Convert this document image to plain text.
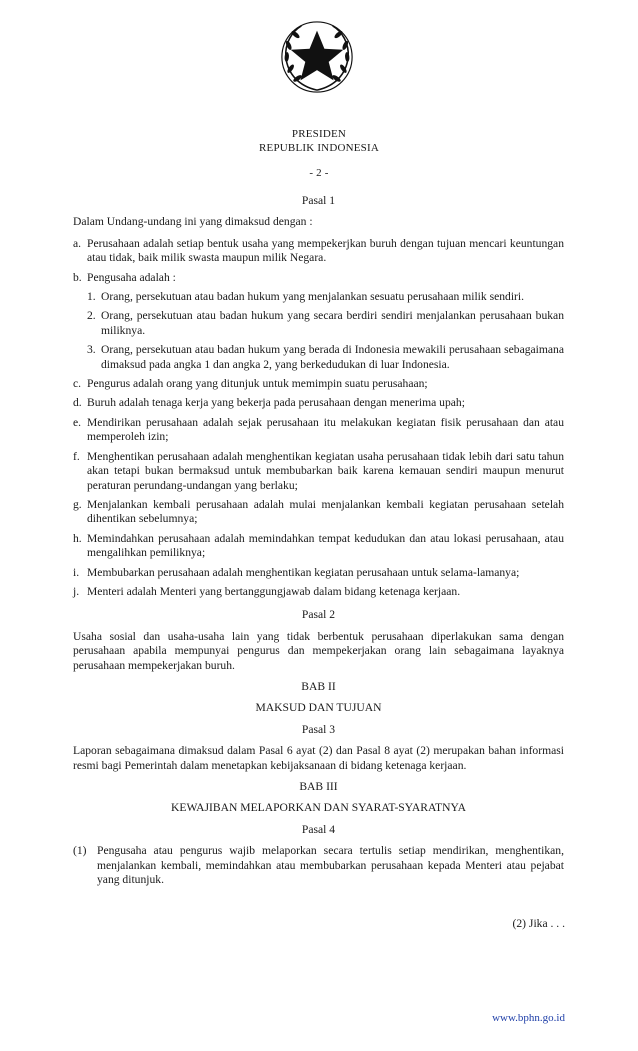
PRESIDEN
REPUBLIK INDONESIA
- 2 -

Pasal 1

Dalam Undang-undang ini yang dimaksud dengan :

a. Perusahaan adalah setiap bentuk usaha yang mempekerjkan buruh dengan tujuan mencari keuntungan atau tidak, baik milik swasta maupun milik Negara.
b. Pengusaha adalah :
1. Orang, persekutuan atau badan hukum yang menjalankan sesuatu perusahaan milik sendiri.
2. Orang, persekutuan atau badan hukum yang secara berdiri sendiri menjalankan perusahaan bukan miliknya.
3. Orang, persekutuan atau badan hukum yang berada di Indonesia mewakili perusahaan sebagaimana dimaksud pada angka 1 dan angka 2, yang berkedudukan di luar Indonesia.
c. Pengurus adalah orang yang ditunjuk untuk memimpin suatu perusahaan;
d. Buruh adalah tenaga kerja yang bekerja pada perusahaan dengan menerima upah;
e. Mendirikan perusahaan adalah sejak perusahaan itu melakukan kegiatan fisik perusahaan dan atau memperoleh izin;
f. Menghentikan perusahaan adalah menghentikan kegiatan usaha perusahaan tidak lebih dari satu tahun akan tetapi bukan bermaksud untuk membubarkan baik karena kemauan sendiri maupun menurut peraturan perundang-undangan yang berlaku;
g. Menjalankan kembali perusahaan adalah mulai menjalankan kembali kegiatan perusahaan setelah dihentikan sebelumnya;
h. Memindahkan perusahaan adalah memindahkan tempat kedudukan dan atau lokasi perusahaan, atau mengalihkan pemiliknya;
i. Membubarkan perusahaan adalah menghentikan kegiatan perusahaan untuk selama-lamanya;
j. Menteri adalah Menteri yang bertanggungjawab dalam bidang ketenaga kerjaan.

Pasal 2

Usaha sosial dan usaha-usaha lain yang tidak berbentuk perusahaan diperlakukan sama dengan perusahaan apabila mempunyai pengurus dan mempekerjakan orang lain sebagaimana layaknya perusahaan mempekerjakan buruh.

BAB II

MAKSUD DAN TUJUAN

Pasal 3

Laporan sebagaimana dimaksud dalam Pasal 6 ayat (2) dan Pasal 8 ayat (2) merupakan bahan informasi resmi bagi Pemerintah dalam menetapkan kebijaksanaan di bidang ketenaga kerjaan.

BAB III

KEWAJIBAN MELAPORKAN DAN SYARAT-SYARATNYA

Pasal 4

(1) Pengusaha atau pengurus wajib melaporkan secara tertulis setiap mendirikan, menghentikan, menjalankan kembali, memindahkan atau membubarkan perusahaan kepada Menteri atau pejabat yang ditunjuk.
(2) Jika . . .
www.bphn.go.id
